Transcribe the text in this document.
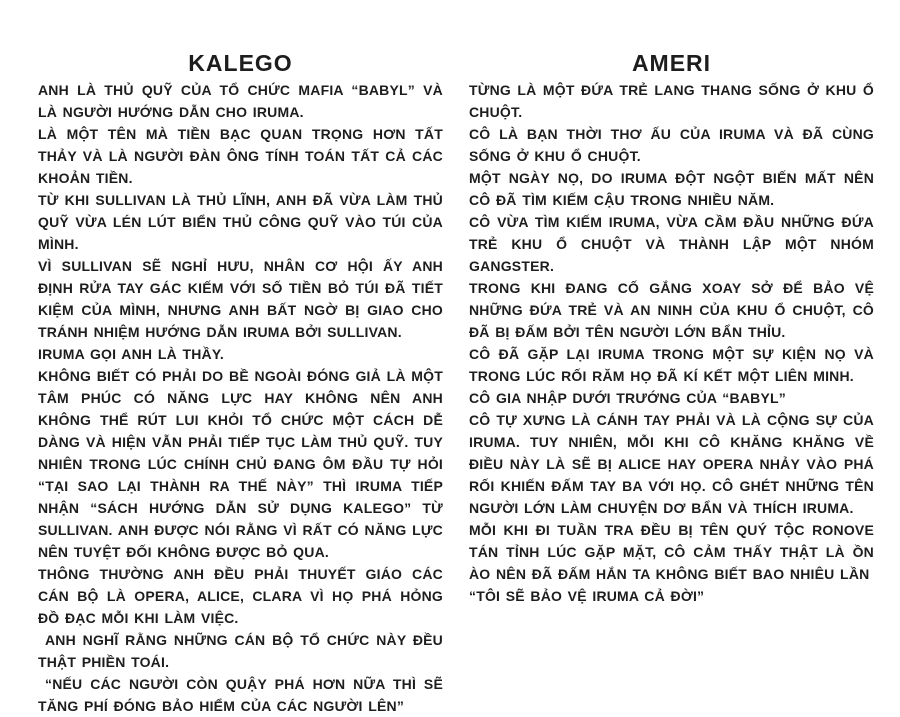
KALEGO

ANH LÀ THỦ QUỸ CỦA TỔ CHỨC MAFIA “BABYL” VÀ LÀ NGƯỜI HƯỚNG DẪN CHO IRUMA.

LÀ MỘT TÊN MÀ TIỀN BẠC QUAN TRỌNG HƠN TẤT THẢY VÀ LÀ NGƯỜI ĐÀN ÔNG TÍNH TOÁN TẤT CẢ CÁC KHOẢN TIỀN.

TỪ KHI SULLIVAN LÀ THỦ LĨNH, ANH ĐÃ VỪA LÀM THỦ QUỸ VỪA LÉN LÚT BIỂN THỦ CÔNG QUỸ VÀO TÚI CỦA MÌNH.

VÌ SULLIVAN SẼ NGHỈ HƯU, NHÂN CƠ HỘI ẤY ANH ĐỊNH RỬA TAY GÁC KIẾM VỚI SỐ TIỀN BỎ TÚI ĐÃ TIẾT KIỆM CỦA MÌNH, NHƯNG ANH BẤT NGỜ BỊ GIAO CHO TRÁNH NHIỆM HƯỚNG DẪN IRUMA BỞI SULLIVAN.

IRUMA GỌI ANH LÀ THẦY.

KHÔNG BIẾT CÓ PHẢI DO BỀ NGOÀI ĐÓNG GIẢ LÀ MỘT TÂM PHÚC CÓ NĂNG LỰC HAY KHÔNG NÊN ANH KHÔNG THỂ RÚT LUI KHỎI TỔ CHỨC MỘT CÁCH DỄ DÀNG VÀ HIỆN VẪN PHẢI TIẾP TỤC LÀM THỦ QUỸ. TUY NHIÊN TRONG LÚC CHÍNH CHỦ ĐANG ÔM ĐẦU TỰ HỎI “TẠI SAO LẠI THÀNH RA THẾ NÀY” THÌ IRUMA TIẾP NHẬN “SÁCH HƯỚNG DẪN SỬ DỤNG KALEGO” TỪ SULLIVAN. ANH ĐƯỢC NÓI RẰNG VÌ RẤT CÓ NĂNG LỰC NÊN TUYỆT ĐỐI KHÔNG ĐƯỢC BỎ QUA.

THÔNG THƯỜNG ANH ĐỀU PHẢI THUYẾT GIÁO CÁC CÁN BỘ LÀ OPERA, ALICE, CLARA VÌ HỌ PHÁ HỎNG ĐỒ ĐẠC MỖI KHI LÀM VIỆC.

ANH NGHĨ RẰNG NHỮNG CÁN BỘ TỔ CHỨC NÀY ĐỀU THẬT PHIỀN TOÁI.

“NẾU CÁC NGƯỜI CÒN QUẬY PHÁ HƠN NỮA THÌ SẼ TĂNG PHÍ ĐÓNG BẢO HIỂM CỦA CÁC NGƯỜI LÊN”

AMERI

TỪNG LÀ MỘT ĐỨA TRẺ LANG THANG SỐNG Ở KHU Ổ CHUỘT.

CÔ LÀ BẠN THỜI THƠ ẤU CỦA IRUMA VÀ ĐÃ CÙNG SỐNG Ở KHU Ổ CHUỘT.

MỘT NGÀY NỌ, DO IRUMA ĐỘT NGỘT BIẾN MẤT NÊN CÔ ĐÃ TÌM KIẾM CẬU TRONG NHIỀU NĂM.

CÔ VỪA TÌM KIẾM IRUMA, VỪA CẦM ĐẦU NHỮNG ĐỨA TRẺ KHU Ổ CHUỘT VÀ THÀNH LẬP MỘT NHÓM GANGSTER.

TRONG KHI ĐANG CỐ GẮNG XOAY SỞ ĐỂ BẢO VỆ NHỮNG ĐỨA TRẺ VÀ AN NINH CỦA KHU Ổ CHUỘT, CÔ ĐÃ BỊ ĐẤM BỞI TÊN NGƯỜI LỚN BẨN THỈU.

CÔ ĐÃ GẶP LẠI IRUMA TRONG MỘT SỰ KIỆN NỌ VÀ TRONG LÚC RỐI RĂM HỌ ĐÃ KÍ KẾT MỘT LIÊN MINH.

CÔ GIA NHẬP DƯỚI TRƯỚNG CỦA “BABYL”

CÔ TỰ XƯNG LÀ CÁNH TAY PHẢI VÀ LÀ CỘNG SỰ CỦA IRUMA. TUY NHIÊN, MỖI KHI CÔ KHĂNG KHĂNG VỀ ĐIỀU NÀY LÀ SẼ BỊ ALICE HAY OPERA NHẢY VÀO PHÁ RỐI KHIẾN ĐẤM TAY BA VỚI HỌ. CÔ GHÉT NHỮNG TÊN NGƯỜI LỚN LÀM CHUYỆN DƠ BẨN VÀ THÍCH IRUMA.

MỖI KHI ĐI TUẦN TRA ĐỀU BỊ TÊN QUÝ TỘC RONOVE TÁN TỈNH LÚC GẶP MẶT, CÔ CẢM THẤY THẬT LÀ ỒN ÀO NÊN ĐÃ ĐẤM HẮN TA KHÔNG BIẾT BAO NHIÊU LẦN

“TÔI SẼ BẢO VỆ IRUMA CẢ ĐỜI”
